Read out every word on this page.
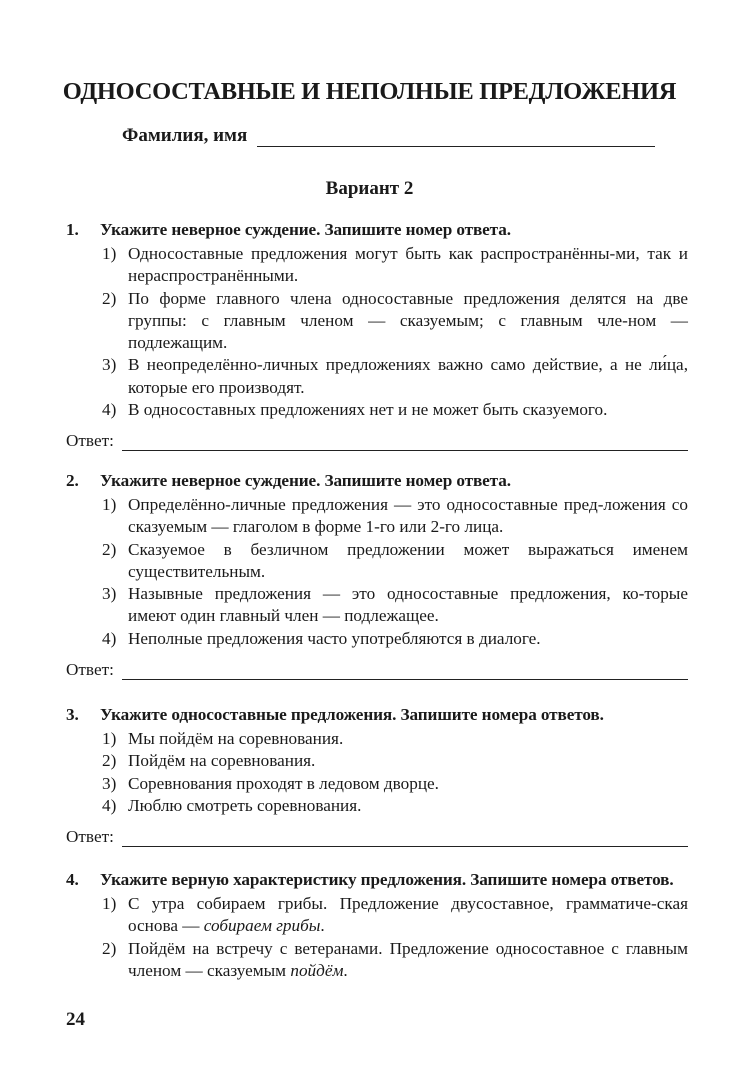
ОДНОСОСТАВНЫЕ И НЕПОЛНЫЕ ПРЕДЛОЖЕНИЯ
Фамилия, имя
Вариант 2
1.	Укажите неверное суждение. Запишите номер ответа.
1) Односоставные предложения могут быть как распространённы-ми, так и нераспространёнными.
2) По форме главного члена односоставные предложения делятся на две группы: с главным членом — сказуемым; с главным чле-ном — подлежащим.
3) В неопределённо-личных предложениях важно само действие, а не ли́ца, которые его производят.
4) В односоставных предложениях нет и не может быть сказуемого.
Ответ:
2.	Укажите неверное суждение. Запишите номер ответа.
1) Определённо-личные предложения — это односоставные пред-ложения со сказуемым — глаголом в форме 1-го или 2-го лица.
2) Сказуемое в безличном предложении может выражаться именем существительным.
3) Назывные предложения — это односоставные предложения, ко-торые имеют один главный член — подлежащее.
4) Неполные предложения часто употребляются в диалоге.
Ответ:
3.	Укажите односоставные предложения. Запишите номера ответов.
1) Мы пойдём на соревнования.
2) Пойдём на соревнования.
3) Соревнования проходят в ледовом дворце.
4) Люблю смотреть соревнования.
Ответ:
4. Укажите верную характеристику предложения. Запишите номера ответов.
1) С утра собираем грибы. Предложение двусоставное, грамматиче-ская основа — собираем грибы.
2) Пойдём на встречу с ветеранами. Предложение односоставное с главным членом — сказуемым пойдём.
24
